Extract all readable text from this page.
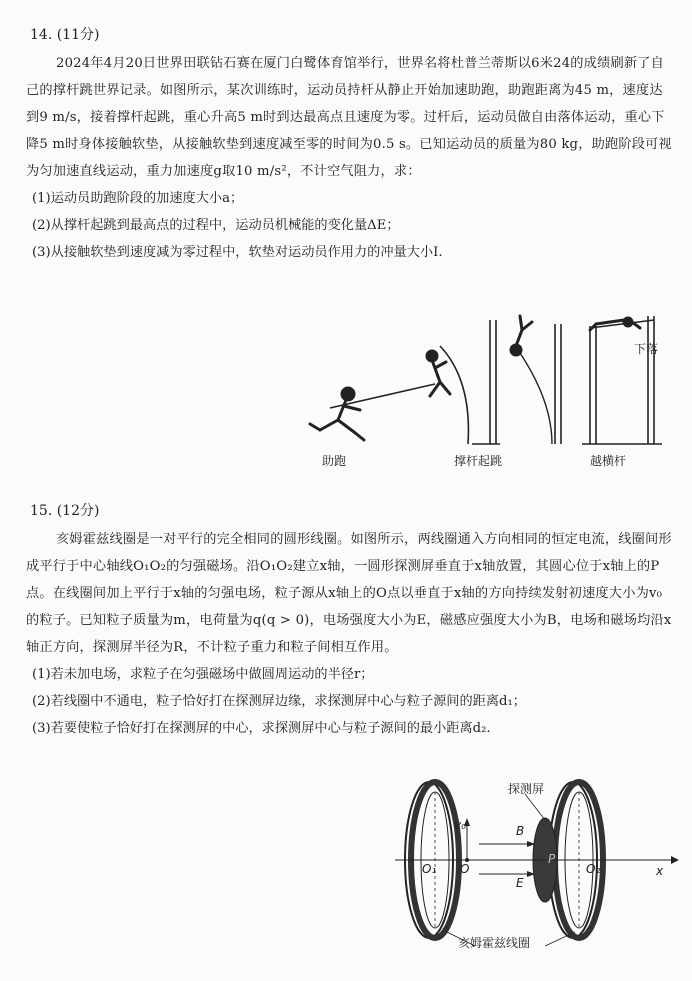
14. (11分)

2024年4月20日世界田联钻石赛在厦门白鹭体育馆举行，世界名将杜普兰蒂斯以6米24的成绩刷新了自己的撑杆跳世界记录。如图所示，某次训练时，运动员持杆从静止开始加速助跑，助跑距离为45 m，速度达到9 m/s，接着撑杆起跳，重心升高5 m时到达最高点且速度为零。过杆后，运动员做自由落体运动，重心下降5 m时身体接触软垫，从接触软垫到速度减至零的时间为0.5 s。已知运动员的质量为80 kg，助跑阶段可视为匀加速直线运动，重力加速度g取10 m/s²，不计空气阻力，求：

(1)运动员助跑阶段的加速度大小a；

(2)从撑杆起跳到最高点的过程中，运动员机械能的变化量ΔE；

(3)从接触软垫到速度减为零过程中，软垫对运动员作用力的冲量大小I.

助跑	撑杆起跳	越横杆
下落
15. (12分)

亥姆霍兹线圈是一对平行的完全相同的圆形线圈。如图所示，两线圈通入方向相同的恒定电流，线圈间形成平行于中心轴线O₁O₂的匀强磁场。沿O₁O₂建立x轴，一圆形探测屏垂直于x轴放置，其圆心位于x轴上的P点。在线圈间加上平行于x轴的匀强电场，粒子源从x轴上的O点以垂直于x轴的方向持续发射初速度大小为v₀的粒子。已知粒子质量为m，电荷量为q(q > 0)，电场强度大小为E，磁感应强度大小为B，电场和磁场均沿x轴正方向，探测屏半径为R，不计粒子重力和粒子间相互作用。

(1)若未加电场，求粒子在匀强磁场中做圆周运动的半径r；

(2)若线圈中不通电，粒子恰好打在探测屏边缘，求探测屏中心与粒子源间的距离d₁；

(3)若要使粒子恰好打在探测屏的中心，求探测屏中心与粒子源间的最小距离d₂.

探测屏
亥姆霍兹线圈
v₀	B
E
O
O₁	O₂
P
x
